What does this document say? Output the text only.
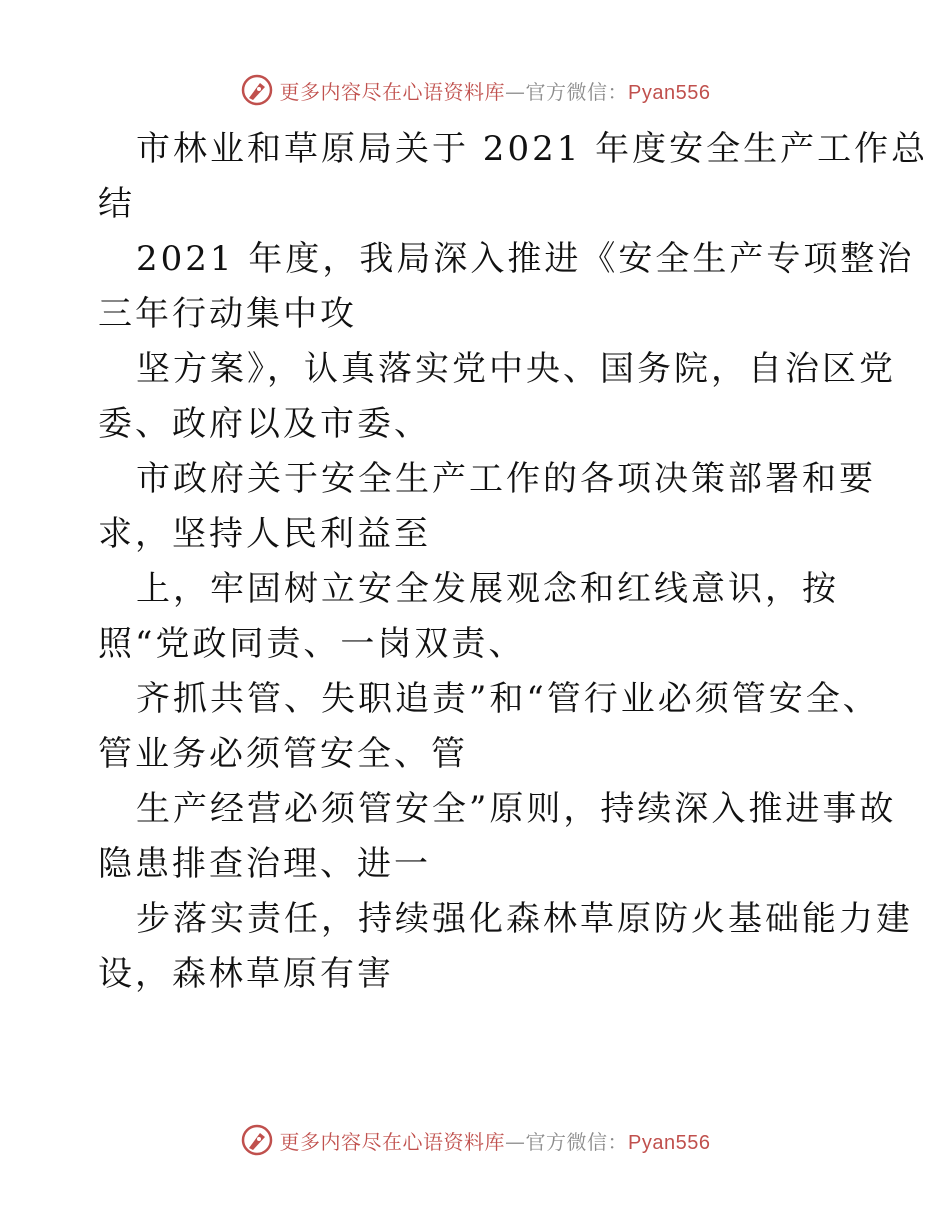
更多内容尽在心语资料库—官方微信：Pyan556
市林业和草原局关于 2021 年度安全生产工作总
结
2021 年度，我局深入推进《安全生产专项整治
三年行动集中攻
坚方案》，认真落实党中央、国务院，自治区党
委、政府以及市委、
市政府关于安全生产工作的各项决策部署和要
求，坚持人民利益至
上，牢固树立安全发展观念和红线意识，按
照“党政同责、一岗双责、
齐抓共管、失职追责”和“管行业必须管安全、
管业务必须管安全、管
生产经营必须管安全”原则，持续深入推进事故
隐患排查治理、进一
步落实责任，持续强化森林草原防火基础能力建
设，森林草原有害
更多内容尽在心语资料库—官方微信：Pyan556
